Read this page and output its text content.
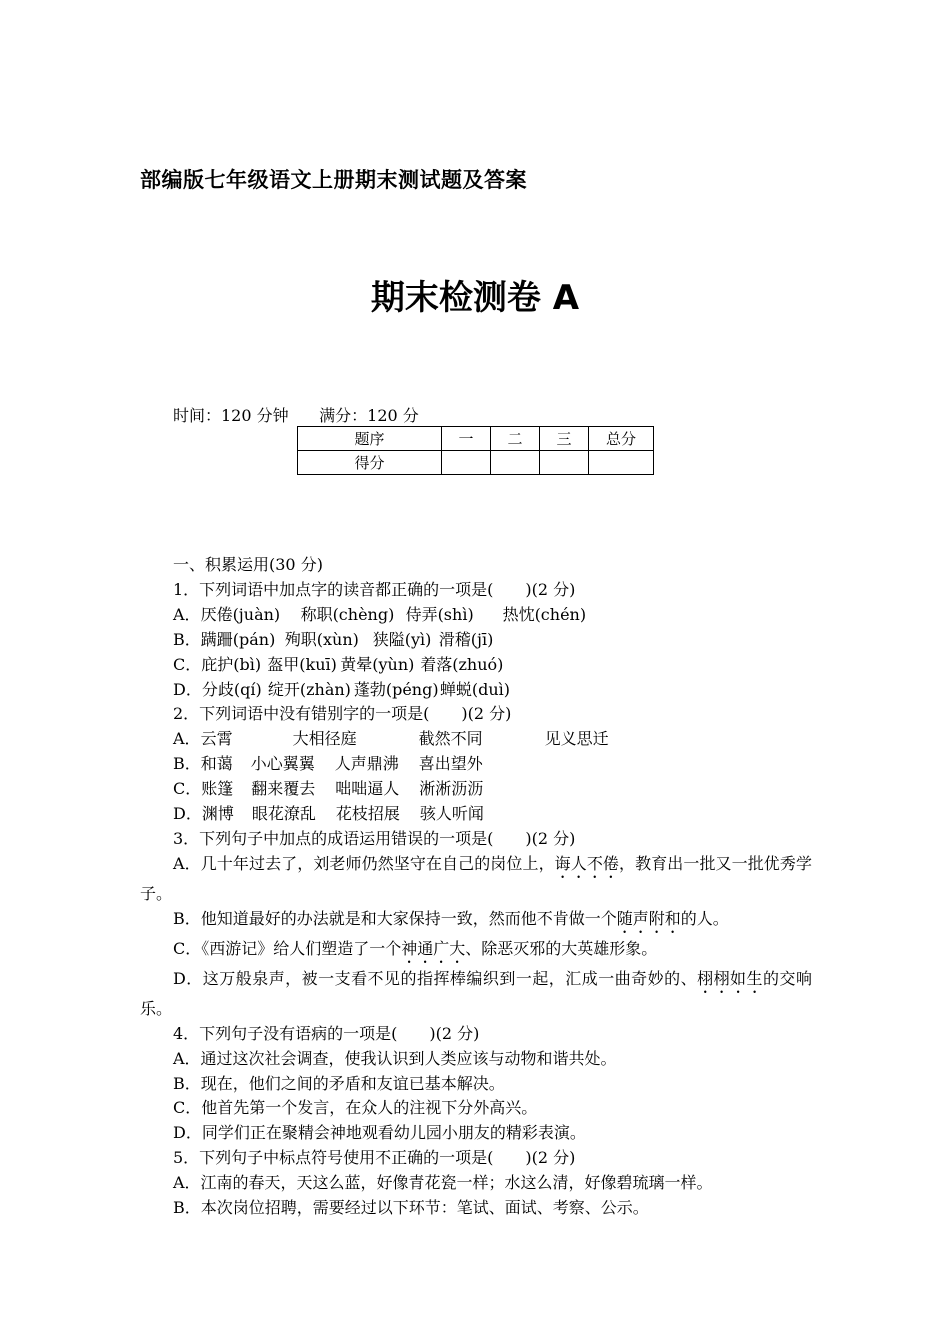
部编版七年级语文上册期末测试题及答案
期末检测卷 A
时间：120 分钟      满分：120 分
题序	一	二	三	总分
得分				
一、积累运用(30 分)
1．下列词语中加点字的读音都正确的一项是(　　)(2 分)
A．厌倦(juàn) 称职(chèng) 侍弄(shì) 热忱(chén)
B．蹒跚(pán) 殉职(xùn) 狭隘(yì) 滑稽(jī)
C．庇护(bì) 盔甲(kuī) 黄晕(yùn) 着落(zhuó)
D．分歧(qí) 绽开(zhàn) 蓬勃(péng)蝉蜕(duì)
2．下列词语中没有错别字的一项是(　　)(2 分)
A．云霄	大相径庭	截然不同	见义思迁
B．和蔼 小心翼翼 人声鼎沸 喜出望外
C．账篷 翻来覆去 咄咄逼人 淅淅沥沥
D．渊博 眼花潦乱 花枝招展 骇人听闻
3．下列句子中加点的成语运用错误的一项是(　　)(2 分)
A．几十年过去了，刘老师仍然坚守在自己的岗位上，诲人不倦，教育出一批又一批优秀学子。
B．他知道最好的办法就是和大家保持一致，然而他不肯做一个随声附和的人。
C．《西游记》给人们塑造了一个神通广大、除恶灭邪的大英雄形象。
D．这万般泉声，被一支看不见的指挥棒编织到一起，汇成一曲奇妙的、栩栩如生的交响乐。
4．下列句子没有语病的一项是(　　)(2 分)
A．通过这次社会调查，使我认识到人类应该与动物和谐共处。
B．现在，他们之间的矛盾和友谊已基本解决。
C．他首先第一个发言，在众人的注视下分外高兴。
D．同学们正在聚精会神地观看幼儿园小朋友的精彩表演。
5．下列句子中标点符号使用不正确的一项是(　　)(2 分)
A．江南的春天，天这么蓝，好像青花瓷一样；水这么清，好像碧琉璃一样。
B．本次岗位招聘，需要经过以下环节：笔试、面试、考察、公示。
